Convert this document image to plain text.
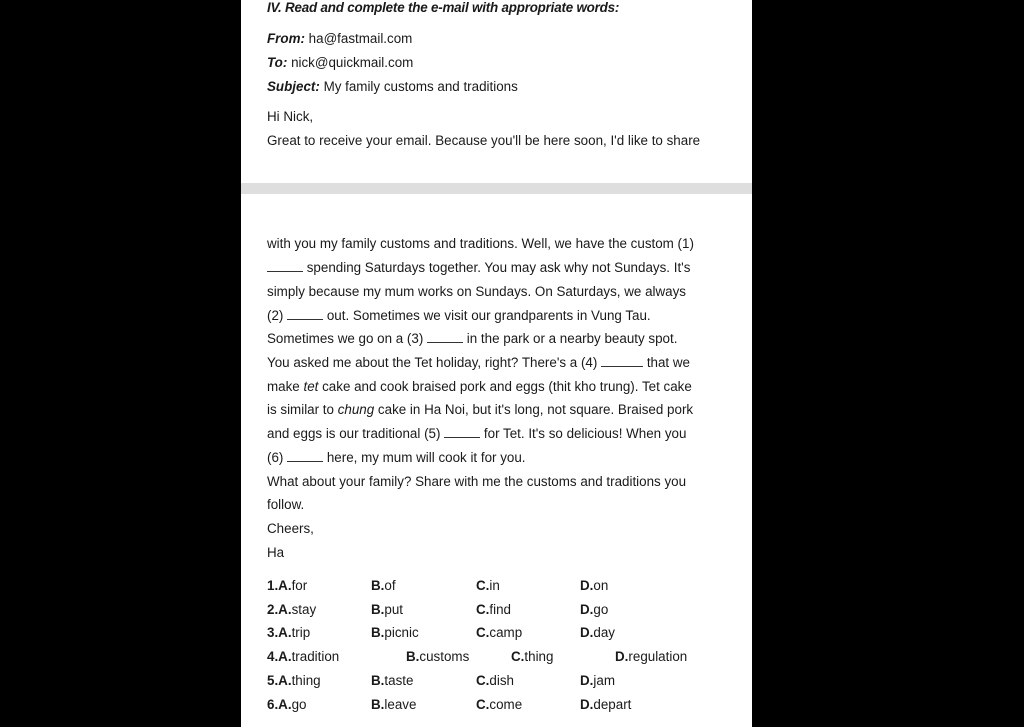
IV. Read and complete the e-mail with appropriate words:
From: ha@fastmail.com
To: nick@quickmail.com
Subject: My family customs and traditions
Hi Nick,
Great to receive your email. Because you'll be here soon, I'd like to share
with you my family customs and traditions. Well, we have the custom (1)
spending Saturdays together. You may ask why not Sundays. It's
simply because my mum works on Sundays. On Saturdays, we always
(2)	out. Sometimes we visit our grandparents in Vung Tau.
Sometimes we go on a (3)	in the park or a nearby beauty spot.
You asked me about the Tet holiday, right? There's a (4)	that we
make tet cake and cook braised pork and eggs (thit kho trung). Tet cake
is similar to chung cake in Ha Noi, but it's long, not square. Braised pork
and eggs is our traditional (5)	for Tet. It's so delicious! When you
(6)	here, my mum will cook it for you.
What about your family? Share with me the customs and traditions you
follow.
Cheers,
Ha
1.A.for	B.of	C.in	D.on
2.A.stay	B.put	C.find	D.go
3.A.trip	B.picnic	C.camp	D.day
4.A.tradition	B.customs	C.thing	D.regulation
5.A.thing	B.taste	C.dish	D.jam
6.A.go	B.leave	C.come	D.depart
